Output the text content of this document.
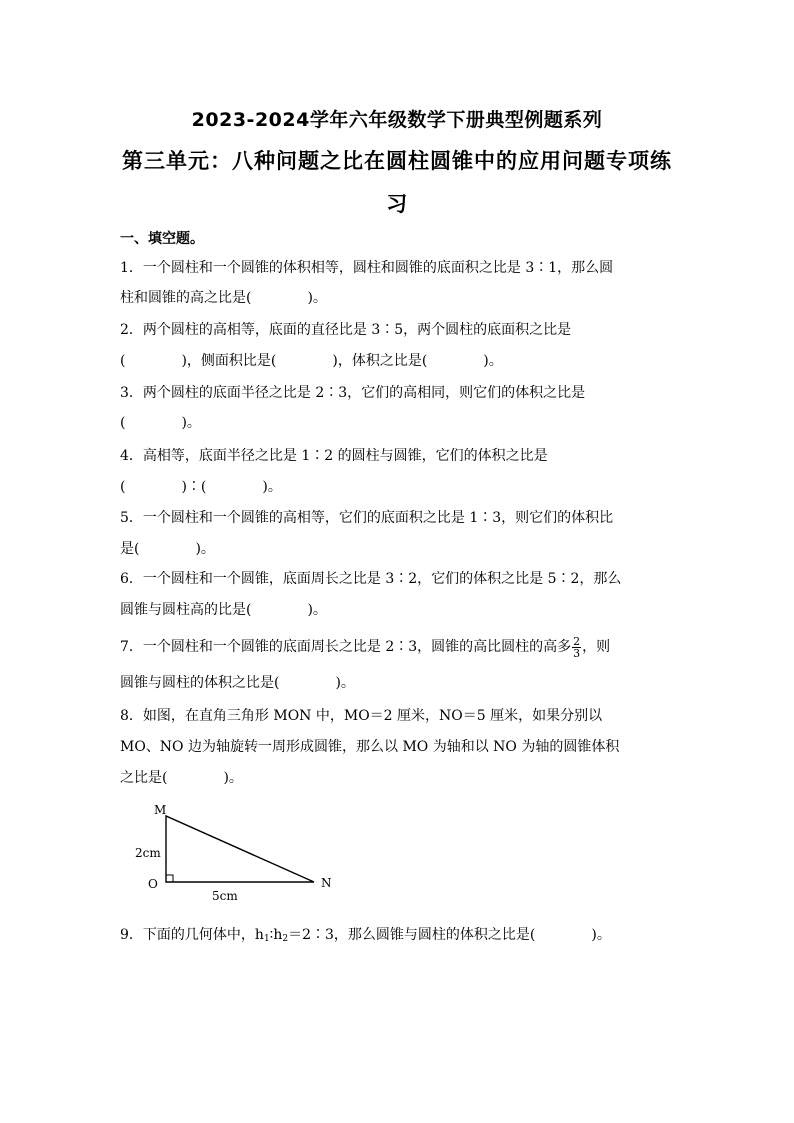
2023-2024学年六年级数学下册典型例题系列
第三单元：八种问题之比在圆柱圆锥中的应用问题专项练
习
一、填空题。
1．一个圆柱和一个圆锥的体积相等，圆柱和圆锥的底面积之比是 3∶1，那么圆
柱和圆锥的高之比是(　　　　)。
2．两个圆柱的高相等，底面的直径比是 3∶5，两个圆柱的底面积之比是
(　　　　)，侧面积比是(　　　　)，体积之比是(　　　　)。
3．两个圆柱的底面半径之比是 2∶3，它们的高相同，则它们的体积之比是
(　　　　)。
4．高相等，底面半径之比是 1∶2 的圆柱与圆锥，它们的体积之比是
(　　　　)∶(　　　　)。
5．一个圆柱和一个圆锥的高相等，它们的底面积之比是 1∶3，则它们的体积比
是(　　　　)。
6．一个圆柱和一个圆锥，底面周长之比是 3∶2，它们的体积之比是 5∶2，那么
圆锥与圆柱高的比是(　　　　)。
7．一个圆柱和一个圆锥的底面周长之比是 2∶3，圆锥的高比圆柱的高多 $\frac{2}{3}$ ，则
圆锥与圆柱的体积之比是(　　　　)。
8．如图，在直角三角形 MON 中，MO＝2 厘米，NO＝5 厘米，如果分别以
MO、NO 边为轴旋转一周形成圆锥，那么以 MO 为轴和以 NO 为轴的圆锥体积
之比是(　　　　)。
M
O	N
2cm
5cm
9．下面的几何体中，$h_1∶h_2=2∶3$，那么圆锥与圆柱的体积之比是(　　　　)。
